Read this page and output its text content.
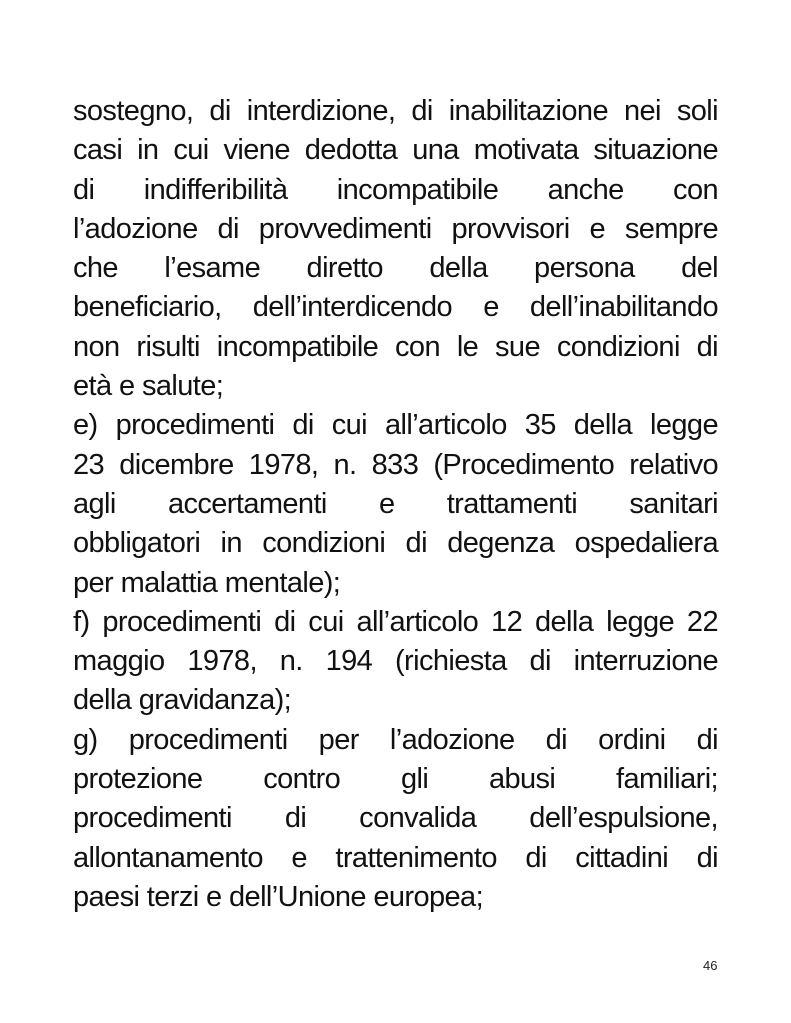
sostegno, di interdizione, di inabilitazione nei soli
casi in cui viene dedotta una motivata situazione
di indifferibilità incompatibile anche con
l’adozione di provvedimenti provvisori e sempre
che l’esame diretto della persona del
beneficiario, dell’interdicendo e dell’inabilitando
non risulti incompatibile con le sue condizioni di
età e salute;
e) procedimenti di cui all’articolo 35 della legge
23 dicembre 1978, n. 833 (Procedimento relativo
agli accertamenti e trattamenti sanitari
obbligatori in condizioni di degenza ospedaliera
per malattia mentale);
f) procedimenti di cui all’articolo 12 della legge 22
maggio 1978, n. 194 (richiesta di interruzione
della gravidanza);
g) procedimenti per l’adozione di ordini di
protezione contro gli abusi familiari;
procedimenti di convalida dell’espulsione,
allontanamento e trattenimento di cittadini di
paesi terzi e dell’Unione europea;
46
